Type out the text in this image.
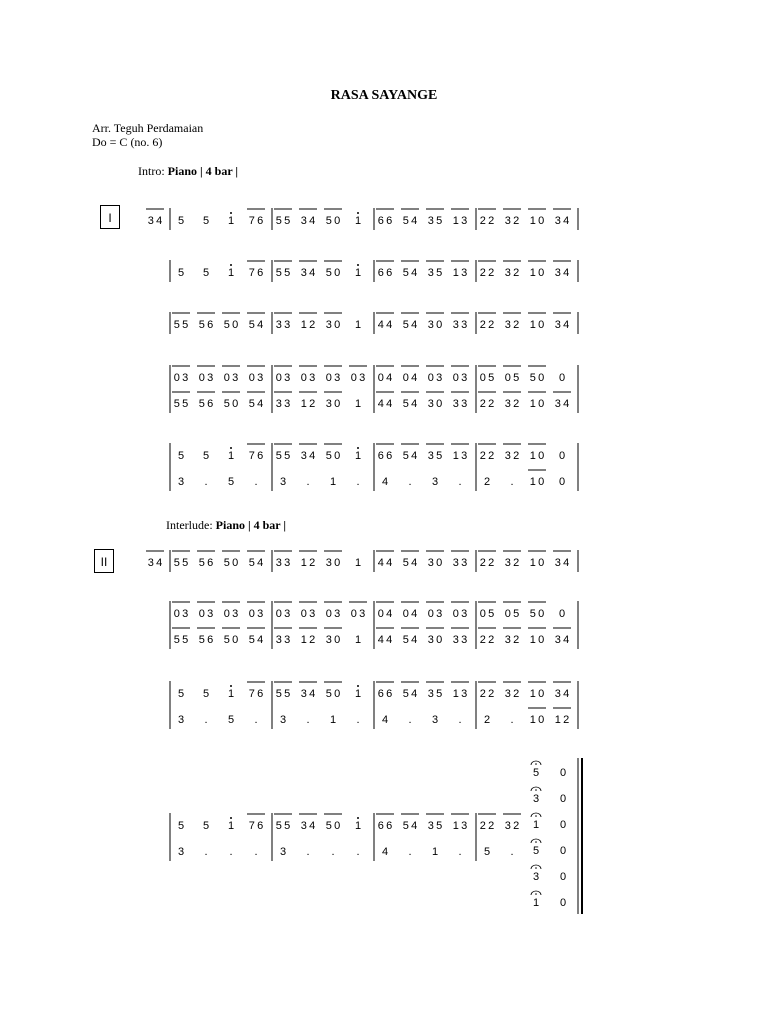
RASA SAYANGE
Arr. Teguh Perdamaian
Do = C (no. 6)
Intro: Piano | 4 bar |
Interlude: Piano | 4 bar |
I
II
3 4 5 5 1 7 6 5 5 3 4 5 0 1 6 6 5 4 3 5 1 3 2 2 3 2 1 0 3 4
5 5 1 7 6 5 5 3 4 5 0 1 6 6 5 4 3 5 1 3 2 2 3 2 1 0 3 4
5 5 5 6 5 0 5 4 3 3 1 2 3 0 1 4 4 5 4 3 0 3 3 2 2 3 2 1 0 3 4
0 3 0 3 0 3 0 3 0 3 0 3 0 3 0 3 0 4 0 4 0 3 0 3 0 5 0 5 5 0 0
5 5 5 6 5 0 5 4 3 3 1 2 3 0 1 4 4 5 4 3 0 3 3 2 2 3 2 1 0 3 4
5 5 1 7 6 5 5 3 4 5 0 1 6 6 5 4 3 5 1 3 2 2 3 2 1 0 0
3 . 5 . 3 . 1 . 4 . 3 . 2 . 1 0 0
3 4 5 5 5 6 5 0 5 4 3 3 1 2 3 0 1 4 4 5 4 3 0 3 3 2 2 3 2 1 0 3 4
0 3 0 3 0 3 0 3 0 3 0 3 0 3 0 3 0 4 0 4 0 3 0 3 0 5 0 5 5 0 0
5 5 5 6 5 0 5 4 3 3 1 2 3 0 1 4 4 5 4 3 0 3 3 2 2 3 2 1 0 3 4
5 5 1 7 6 5 5 3 4 5 0 1 6 6 5 4 3 5 1 3 2 2 3 2 1 0 3 4
3 . 5 . 3 . 1 . 4 . 3 . 2 . 1 0 1 2
5 5 1 7 6 5 5 3 4 5 0 1 6 6 5 4 3 5 1 3 2 2 3 2
3 . . . 3 . . . 4 . 1 . 5 .
5 0
3 0
1 0
5 0
3 0
1 0
